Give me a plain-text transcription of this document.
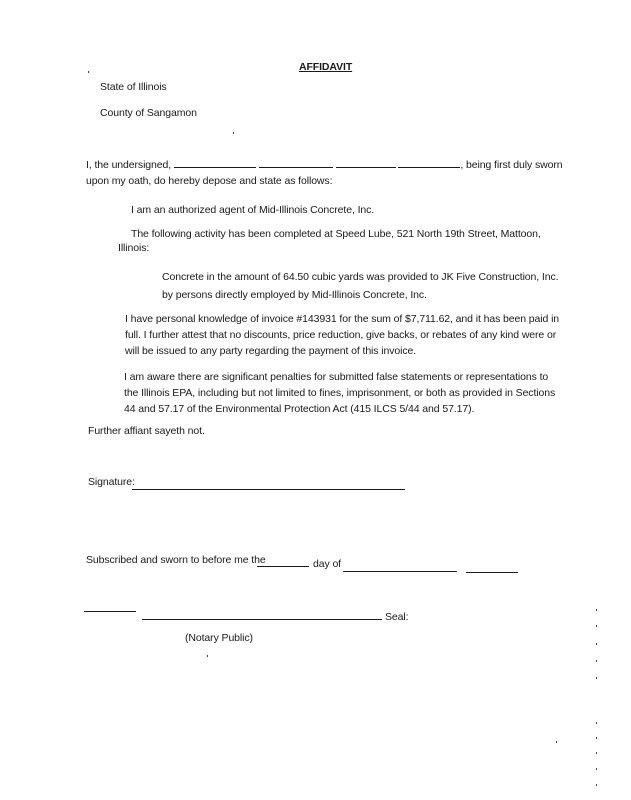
AFFIDAVIT
State of Illinois
County of Sangamon
I, the undersigned,	, being first duly sworn
upon my oath, do hereby depose and state as follows:
I am an authorized agent of Mid-Illinois Concrete, Inc.
The following activity has been completed at Speed Lube, 521 North 19th Street, Mattoon,
Illinois:
Concrete in the amount of 64.50 cubic yards was provided to JK Five Construction, Inc.
by persons directly employed by Mid-Illinois Concrete, Inc.
I have personal knowledge of invoice #143931 for the sum of $7,711.62, and it has been paid in
full. I further attest that no discounts, price reduction, give backs, or rebates of any kind were or
will be issued to any party regarding the payment of this invoice.
I am aware there are significant penalties for submitted false statements or representations to
the Illinois EPA, including but not limited to fines, imprisonment, or both as provided in Sections
44 and 57.17 of the Environmental Protection Act (415 ILCS 5/44 and 57.17).
Further affiant sayeth not.
Signature:
Subscribed and sworn to before me the	day of
Seal:
(Notary Public)
